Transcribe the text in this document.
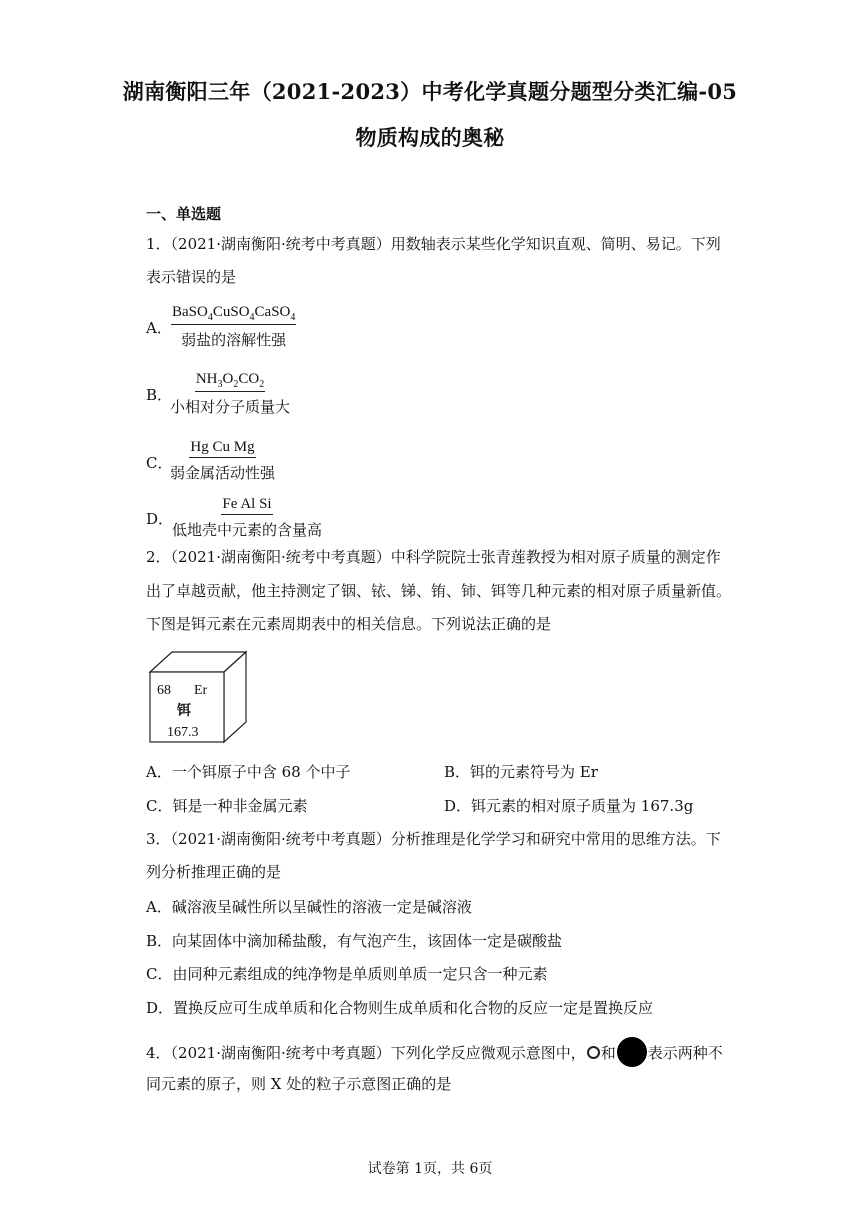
湖南衡阳三年（2021-2023）中考化学真题分题型分类汇编-05
物质构成的奥秘
一、单选题
1．（2021·湖南衡阳·统考中考真题）用数轴表示某些化学知识直观、简明、易记。下列
表示错误的是
A．
BaSO$_4$CuSO$_4$CaSO$_4$
弱盐的溶解性强
B．
$NH_3O_2CO_2$
小相对分子质量大
C．
Hg Cu Mg
弱金属活动性强
D．
Fe Al Si
低地壳中元素的含量高
2．（2021·湖南衡阳·统考中考真题）中科学院院士张青莲教授为相对原子质量的测定作
出了卓越贡献，他主持测定了铟、铱、锑、铕、铈、铒等几种元素的相对原子质量新值。
下图是铒元素在元素周期表中的相关信息。下列说法正确的是
68 Er
铒
167.3
A．一个铒原子中含 68 个中子	B．铒的元素符号为 Er
C．铒是一种非金属元素	D．铒元素的相对原子质量为 167.3g
3．（2021·湖南衡阳·统考中考真题）分析推理是化学学习和研究中常用的思维方法。下
列分析推理正确的是
A．碱溶液呈碱性所以呈碱性的溶液一定是碱溶液
B．向某固体中滴加稀盐酸，有气泡产生，该固体一定是碳酸盐
C．由同种元素组成的纯净物是单质则单质一定只含一种元素
D．置换反应可生成单质和化合物则生成单质和化合物的反应一定是置换反应
4．（2021·湖南衡阳·统考中考真题）下列化学反应微观示意图中， 和 表示两种不
同元素的原子，则 X 处的粒子示意图正确的是
试卷第 1页，共 6页
